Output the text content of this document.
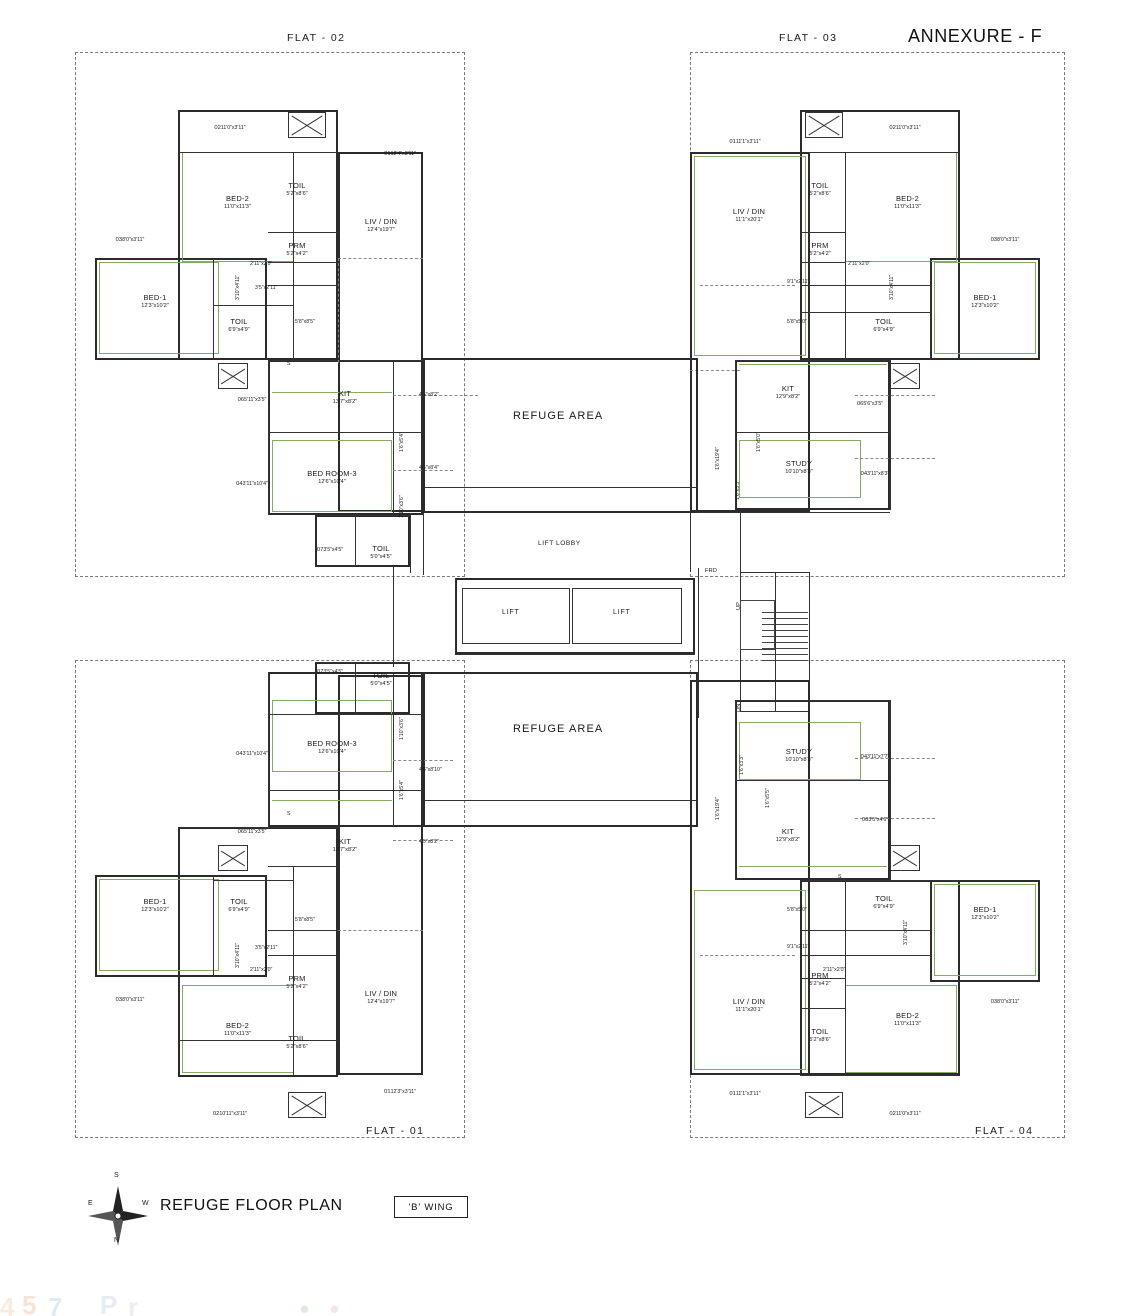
ANNEXURE - F
FLAT - 02	FLAT - 03
FLAT - 01	FLAT - 04
BED-2
11'0"x11'3"
BED-1
12'3"x10'2"
TOIL
5'2"x8'6"
PRM
5'2"x4'2"
TOIL
6'9"x4'9"
LIV / DIN
12'4"x19'7"
KIT
13'7"x8'2"
BED ROOM-3
12'6"x10'4"
TOIL
5'0"x4'5"
0211'0"x3'11"
0112'4"x3'11"
038'0"x3'11"
065'11"x3'5"
043'11"x10'4"
073'5"x4'5"
5'8"x8'5"
3'5"x2'11"
2'11"x2'0"
4'5"x8'2"
4'5"x8'4"
3'10"x4'11"
1'6"x5'4"
1'10"x3'6"
S
BED-2
11'0"x11'3"
BED-1
12'3"x10'2"
TOIL
5'2"x8'6"
PRM
5'2"x4'2"
TOIL
6'9"x4'9"
LIV / DIN
11'1"x20'1"
KIT
12'9"x8'2"
STUDY
10'10"x8'3"
0211'0"x3'11"
0111'1"x3'11"
038'0"x3'11"
065'6"x3'5"
043'11"x8'3"
5'8"x5'0"
9'1"x2'11"
2'11"x2'0"
3'10"x4'11"
1'6"x19'4"
1'6"x3'3"
1'6"x5'0"
S
REFUGE AREA
REFUGE AREA
LIFT LOBBY
LIFT	LIFT
UP
DN
FRD
TOIL
5'0"x4'5"
BED ROOM-3
12'6"x10'4"
KIT
13'7"x8'2"
BED-1
12'3"x10'2"
TOIL
6'9"x4'9"
PRM
5'2"x4'2"
TOIL
5'2"x8'6"
BED-2
11'0"x11'3"
LIV / DIN
12'4"x19'7"
073'5"x4'5"
043'11"x10'4"
065'11"x3'5"
038'0"x3'11"
0210'11"x3'11"
0112'3"x3'11"
4'5"x8'10"
4'5"x8'2"
5'8"x8'5"
3'5"x2'11"
2'11"x2'0"
3'10"x4'11"
1'10"x3'6"
1'6"x5'4"
S
STUDY
10'10"x8'3"
KIT
12'9"x8'2"
TOIL
6'9"x4'9"	BED-1
12'3"x10'2"
PRM
5'2"x4'2"
TOIL
5'2"x8'6"
BED-2
11'0"x11'3"
LIV / DIN
11'1"x20'1"
043'11"x7'7"
063'5"x4'6"
038'0"x3'11"
0211'0"x3'11"
0111'1"x3'11"
5'8"x5'0"
9'1"x2'11"
2'11"x2'0"
3'10"x4'11"
1'6"x19'4"
1'6"x3'3"
1'6"x5'5"
S
N
E	W REFUGE FLOOR PLAN	'B' WING
4 5 7 P r	• •
